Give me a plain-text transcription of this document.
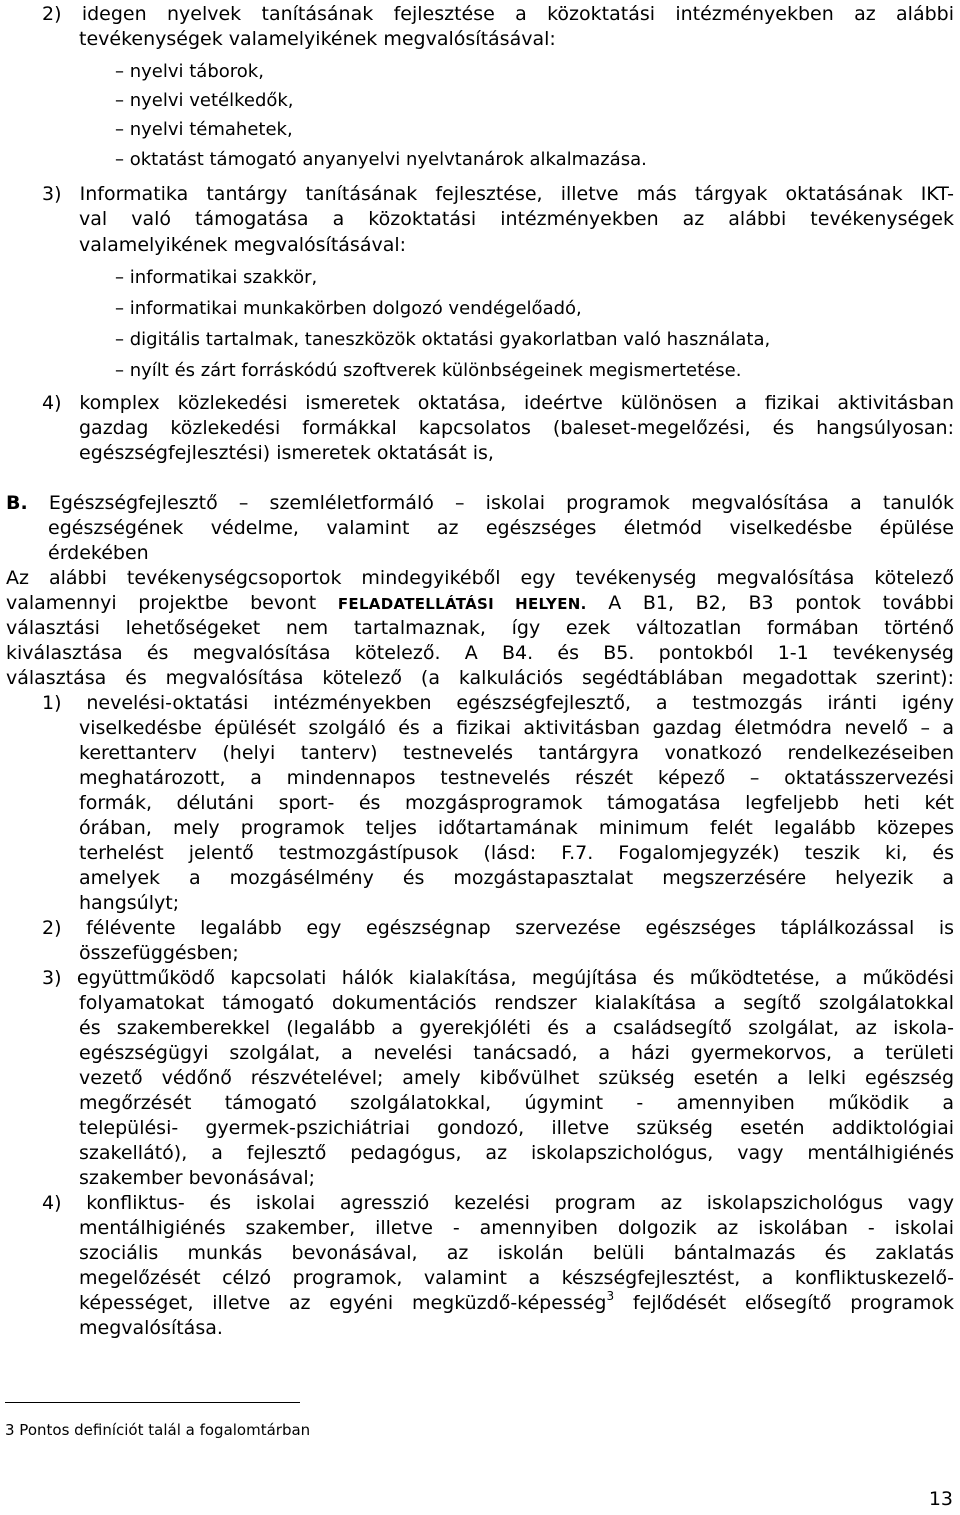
2) idegen nyelvek tanításának fejlesztése a közoktatási intézményekben az alábbi
tevékenységek valamelyikének megvalósításával:
– nyelvi táborok,
– nyelvi vetélkedők,
– nyelvi témahetek,
– oktatást támogató anyanyelvi nyelvtanárok alkalmazása.
3) Informatika tantárgy tanításának fejlesztése, illetve más tárgyak oktatásának IKT-
val való támogatása a közoktatási intézményekben az alábbi tevékenységek
valamelyikének megvalósításával:
– informatikai szakkör,
– informatikai munkakörben dolgozó vendégelőadó,
– digitális tartalmak, taneszközök oktatási gyakorlatban való használata,
– nyílt és zárt forráskódú szoftverek különbségeinek megismertetése.
4) komplex közlekedési ismeretek oktatása, ideértve különösen a fizikai aktivitásban
gazdag közlekedési formákkal kapcsolatos (baleset-megelőzési, és hangsúlyosan:
egészségfejlesztési) ismeretek oktatását is,
B. Egészségfejlesztő – szemléletformáló – iskolai programok megvalósítása a tanulók
egészségének védelme, valamint az egészséges életmód viselkedésbe épülése
érdekében
Az alábbi tevékenységcsoportok mindegyikéből egy tevékenység megvalósítása kötelező
valamennyi projektbe bevont FELADATELLÁTÁSI HELYEN. A B1, B2, B3 pontok további
választási lehetőségeket nem tartalmaznak, így ezek változatlan formában történő
kiválasztása és megvalósítása kötelező. A B4. és B5. pontokból 1-1 tevékenység
választása és megvalósítása kötelező (a kalkulációs segédtáblában megadottak szerint):
1) nevelési-oktatási intézményekben egészségfejlesztő, a testmozgás iránti igény
viselkedésbe épülését szolgáló és a fizikai aktivitásban gazdag életmódra nevelő – a
kerettanterv (helyi tanterv) testnevelés tantárgyra vonatkozó rendelkezéseiben
meghatározott, a mindennapos testnevelés részét képező – oktatásszervezési
formák, délutáni sport- és mozgásprogramok támogatása legfeljebb heti két
órában, mely programok teljes időtartamának minimum felét legalább közepes
terhelést jelentő testmozgástípusok (lásd: F.7. Fogalomjegyzék) teszik ki, és
amelyek a mozgásélmény és mozgástapasztalat megszerzésére helyezik a
hangsúlyt;
2) félévente legalább egy egészségnap szervezése egészséges táplálkozással is
összefüggésben;
3) együttműködő kapcsolati hálók kialakítása, megújítása és működtetése, a működési
folyamatokat támogató dokumentációs rendszer kialakítása a segítő szolgálatokkal
és szakemberekkel (legalább a gyerekjóléti és a családsegítő szolgálat, az iskola-
egészségügyi szolgálat, a nevelési tanácsadó, a házi gyermekorvos, a területi
vezető védőnő részvételével; amely kibővülhet szükség esetén a lelki egészség
megőrzését támogató szolgálatokkal, úgymint - amennyiben működik a
települési- gyermek-pszichiátriai gondozó, illetve szükség esetén addiktológiai
szakellátó), a fejlesztő pedagógus, az iskolapszichológus, vagy mentálhigiénés
szakember bevonásával;
4) konfliktus- és iskolai agresszió kezelési program az iskolapszichológus vagy
mentálhigiénés szakember, illetve - amennyiben dolgozik az iskolában - iskolai
szociális munkás bevonásával, az iskolán belüli bántalmazás és zaklatás
megelőzését célzó programok, valamint a készségfejlesztést, a konfliktuskezelő-
képességet, illetve az egyéni megküzdő-képesség$^3$ fejlődését elősegítő programok
megvalósítása.
3 Pontos definíciót talál a fogalomtárban
13
